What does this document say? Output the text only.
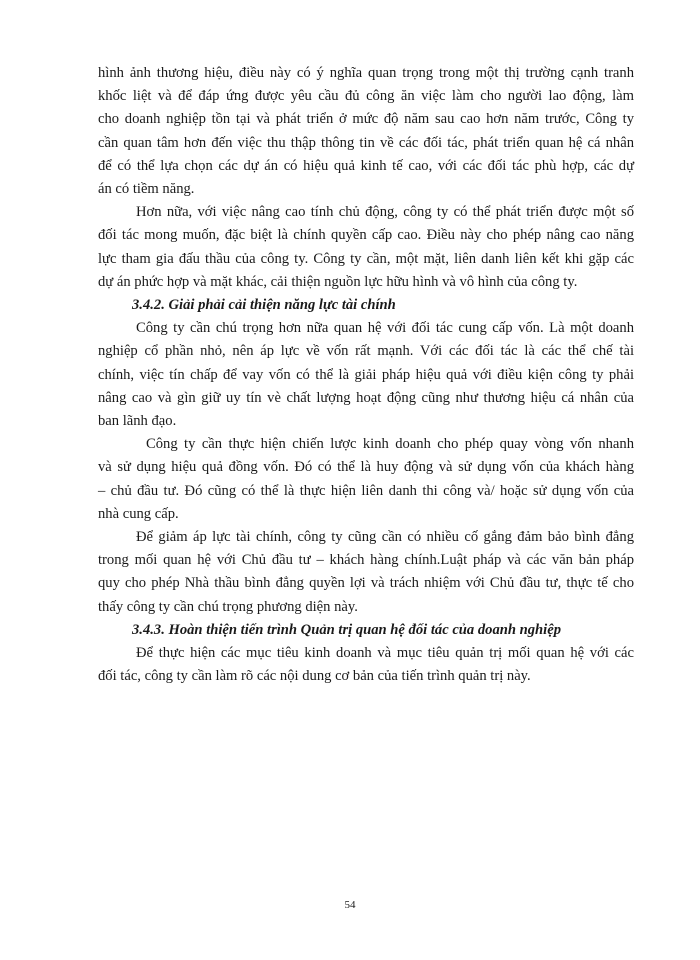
hình ảnh thương hiệu, điều này có ý nghĩa quan trọng trong một thị trường cạnh tranh
khốc liệt và để đáp ứng được yêu cầu đủ công ăn việc làm cho người lao động, làm
cho doanh nghiệp tồn tại và phát triển ở mức độ năm sau cao hơn năm trước, Công ty
cần quan tâm hơn đến việc thu thập thông tin về các đối tác, phát triển quan hệ cá nhân
để có thể lựa chọn các dự án có hiệu quả kinh tế cao, với các đối tác phù hợp, các dự
án có tiềm năng.

Hơn nữa, với việc nâng cao tính chủ động, công ty có thể phát triển được một số
đối tác mong muốn, đặc biệt là chính quyền cấp cao. Điều này cho phép nâng cao năng
lực tham gia đấu thầu của công ty. Công ty cần, một mặt, liên danh liên kết khi gặp các
dự án phức hợp và mặt khác, cải thiện nguồn lực hữu hình và vô hình của công ty.

3.4.2. Giải phải cải thiện năng lực tài chính

Công ty cần chú trọng hơn nữa quan hệ với đối tác cung cấp vốn. Là một doanh
nghiệp cổ phần nhỏ, nên áp lực về vốn rất mạnh. Với các đối tác là các thể chế tài
chính, việc tín chấp để vay vốn có thể là giải pháp hiệu quả với điều kiện công ty phải
nâng cao và gìn giữ uy tín vè chất lượng hoạt động cũng như thương hiệu cá nhân của
ban lãnh đạo.

Công ty cần thực hiện chiến lược kinh doanh cho phép quay vòng vốn nhanh
và sử dụng hiệu quả đồng vốn. Đó có thể là huy động và sử dụng vốn của khách hàng
– chủ đầu tư. Đó cũng có thể là thực hiện liên danh thi công và/ hoặc sử dụng vốn của
nhà cung cấp.

Để giảm áp lực tài chính, công ty cũng cần có nhiều cố gắng đảm bảo bình đẳng
trong mối quan hệ với Chủ đầu tư – khách hàng chính.Luật pháp và các văn bản pháp
quy cho phép Nhà thầu bình đẳng quyền lợi và trách nhiệm với Chủ đầu tư, thực tế cho
thấy công ty cần chú trọng phương diện này.

3.4.3. Hoàn thiện tiến trình Quản trị quan hệ đối tác của doanh nghiệp

Để thực hiện các mục tiêu kinh doanh và mục tiêu quản trị mối quan hệ với các
đối tác, công ty cần làm rõ các nội dung cơ bản của tiến trình quản trị này.

54
